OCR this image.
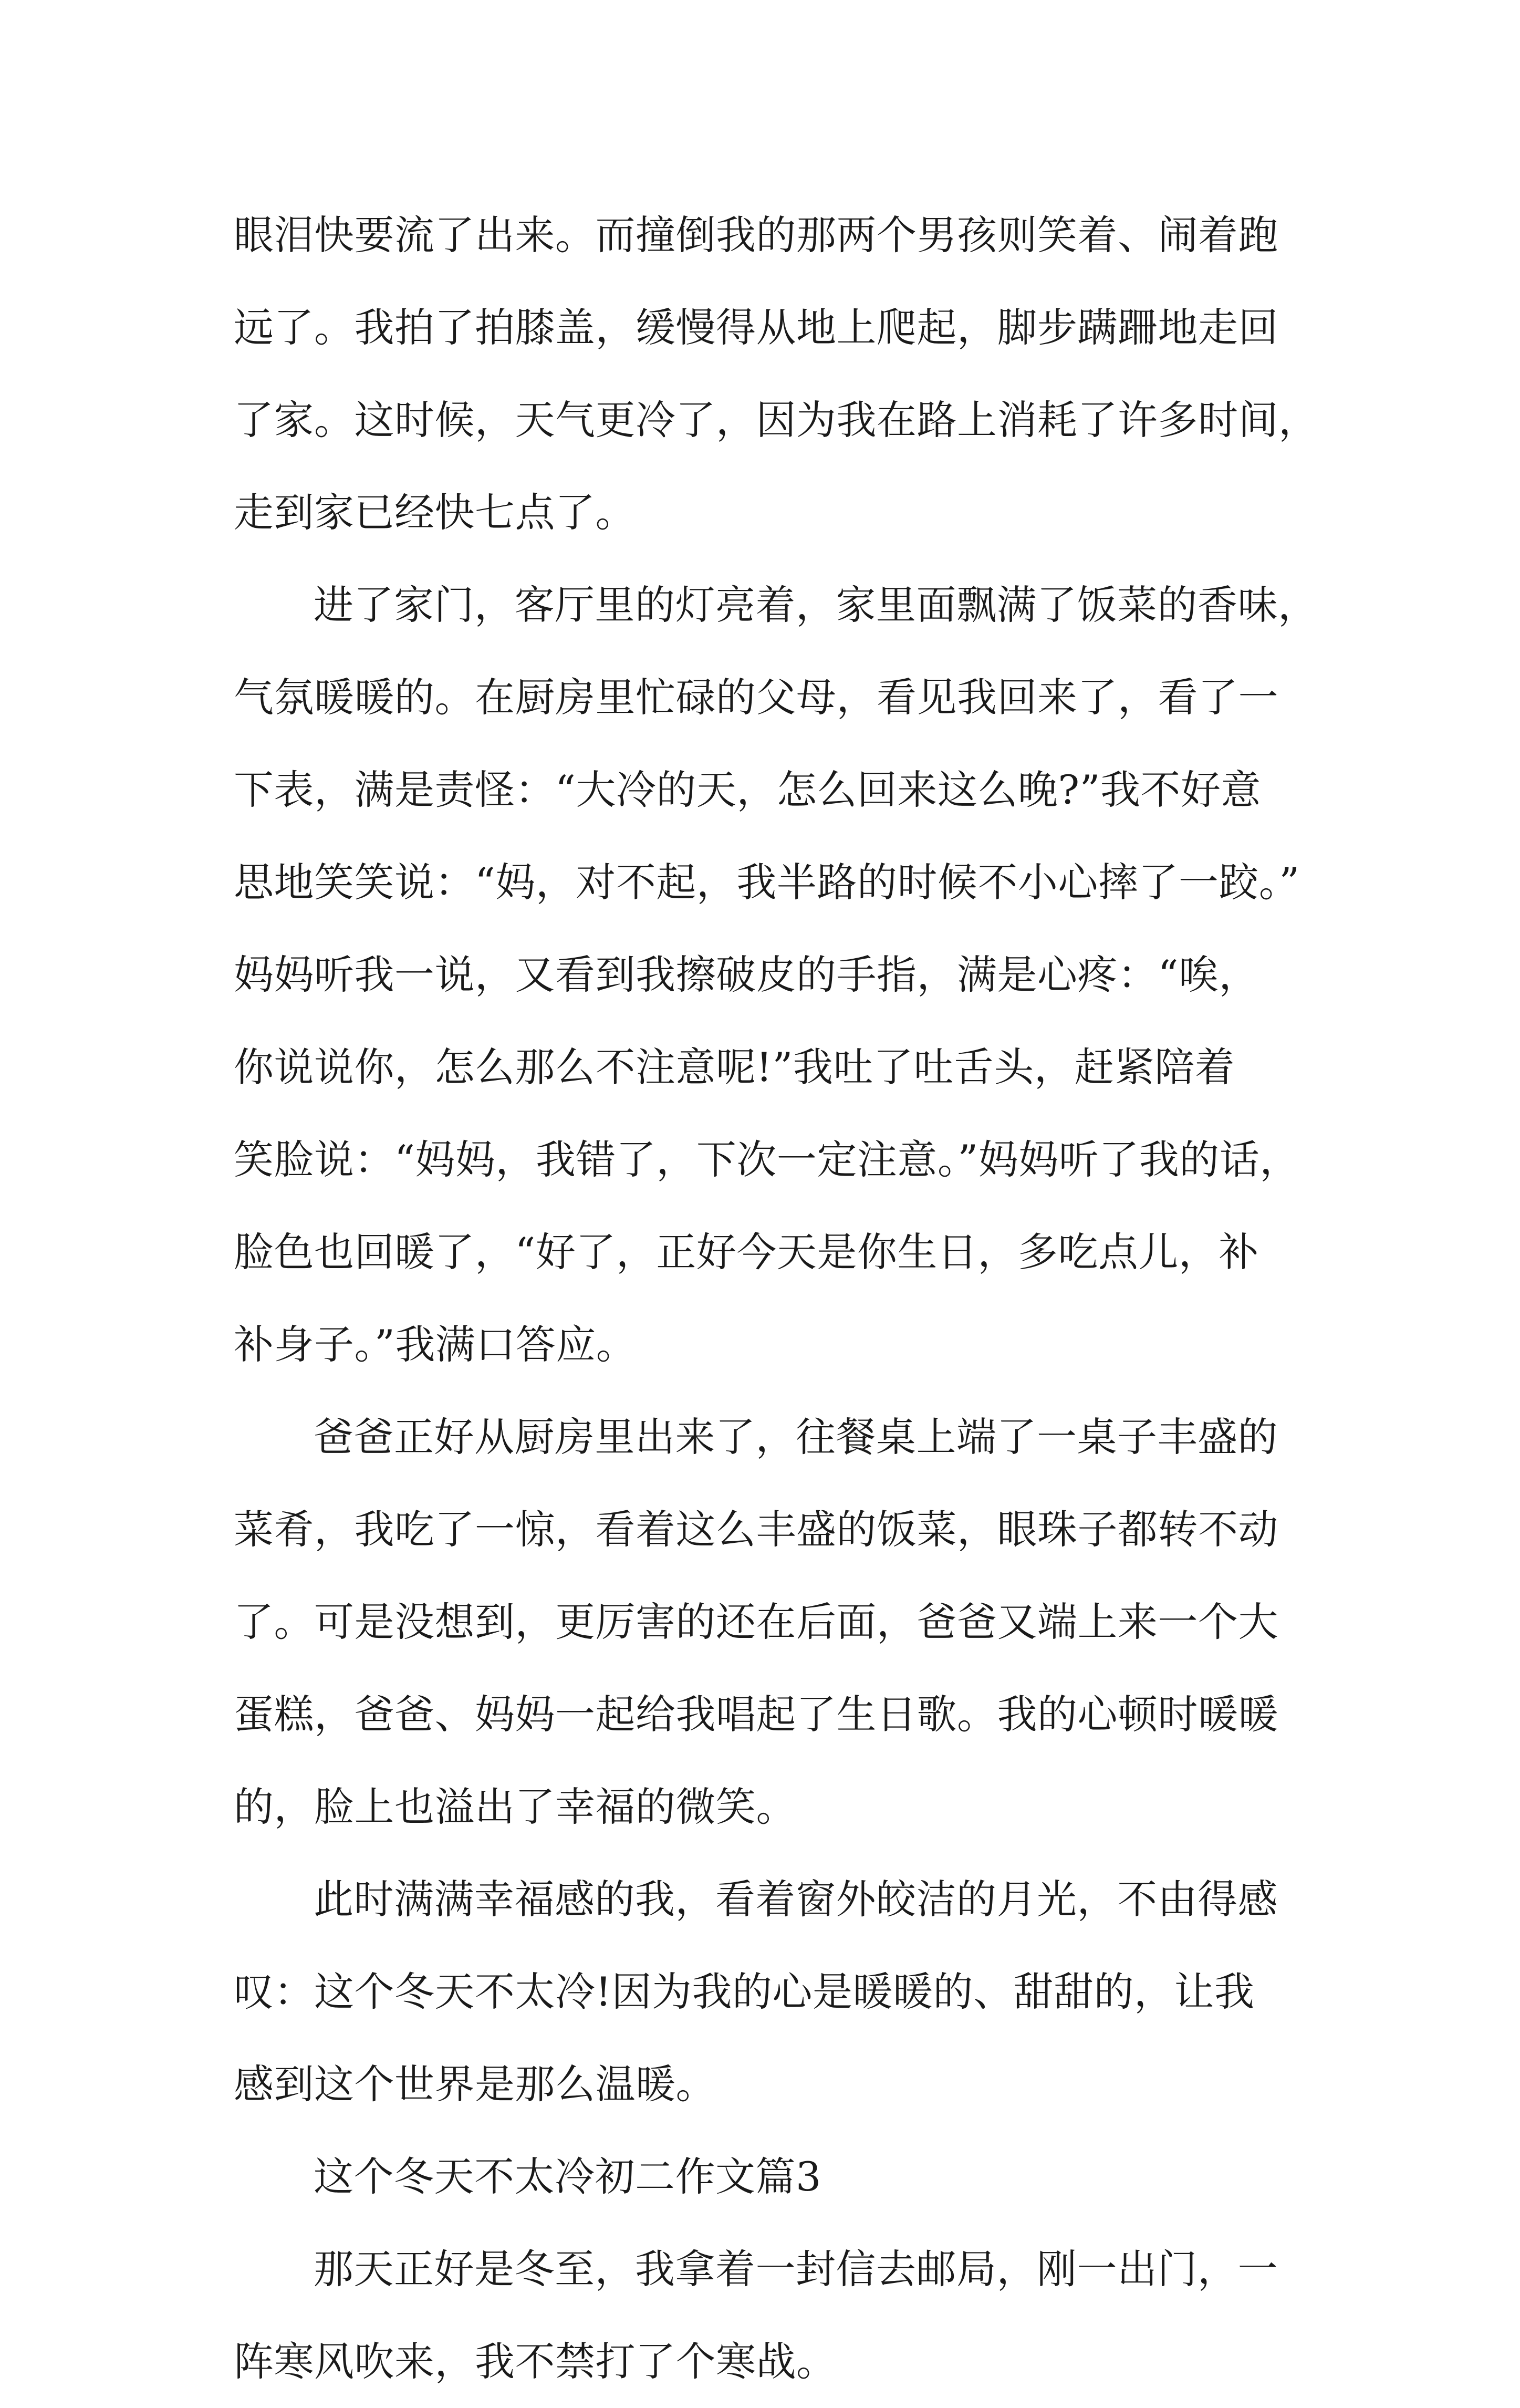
眼泪快要流了出来。而撞倒我的那两个男孩则笑着、闹着跑
远了。我拍了拍膝盖，缓慢得从地上爬起，脚步蹒跚地走回
了家。这时候，天气更冷了，因为我在路上消耗了许多时间，
走到家已经快七点了。
进了家门，客厅里的灯亮着，家里面飘满了饭菜的香味，
气氛暖暖的。在厨房里忙碌的父母，看见我回来了，看了一
下表，满是责怪：“大冷的天，怎么回来这么晚?”我不好意
思地笑笑说：“妈，对不起，我半路的时候不小心摔了一跤。”
妈妈听我一说，又看到我擦破皮的手指，满是心疼：“唉，
你说说你，怎么那么不注意呢!”我吐了吐舌头，赶紧陪着
笑脸说：“妈妈，我错了，下次一定注意。”妈妈听了我的话，
脸色也回暖了，“好了，正好今天是你生日，多吃点儿，补
补身子。”我满口答应。
爸爸正好从厨房里出来了，往餐桌上端了一桌子丰盛的
菜肴，我吃了一惊，看着这么丰盛的饭菜，眼珠子都转不动
了。可是没想到，更厉害的还在后面，爸爸又端上来一个大
蛋糕，爸爸、妈妈一起给我唱起了生日歌。我的心顿时暖暖
的，脸上也溢出了幸福的微笑。
此时满满幸福感的我，看着窗外皎洁的月光，不由得感
叹：这个冬天不太冷!因为我的心是暖暖的、甜甜的，让我
感到这个世界是那么温暖。
这个冬天不太冷初二作文篇3
那天正好是冬至，我拿着一封信去邮局，刚一出门，一
阵寒风吹来，我不禁打了个寒战。
